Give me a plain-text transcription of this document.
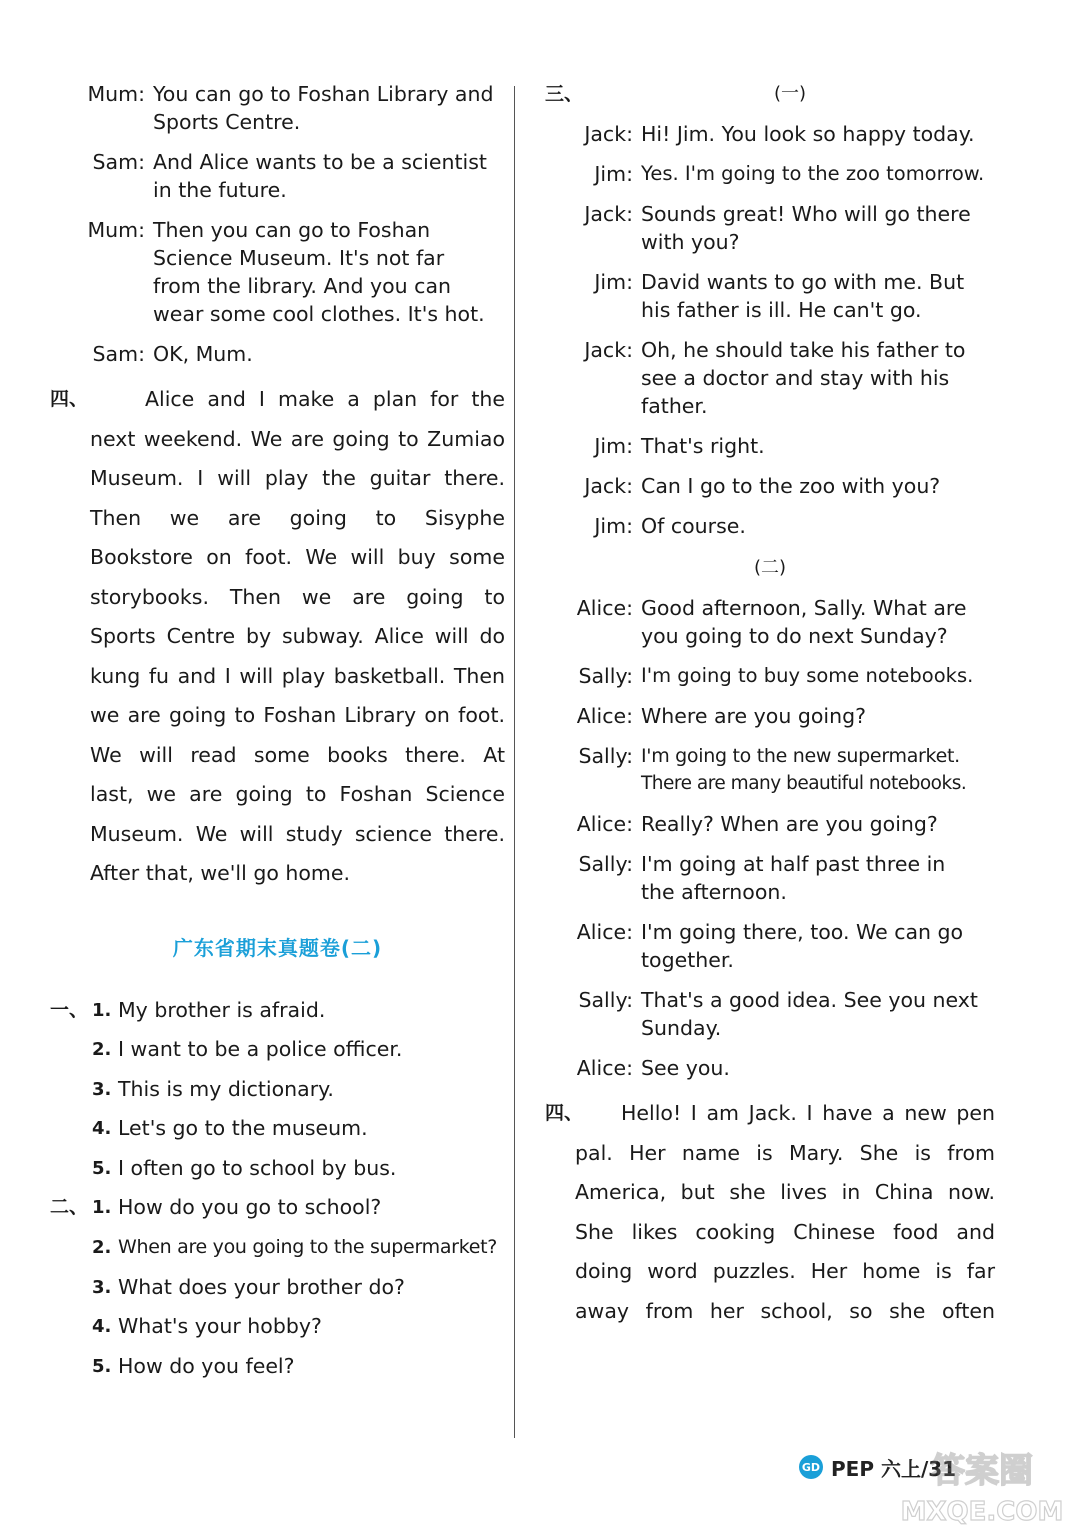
Mum: You can go to Foshan Library and
Sports Centre.
Sam: And Alice wants to be a scientist
in the future.
Mum: Then you can go to Foshan
Science Museum. It's not far
from the library. And you can
wear some cool clothes. It's hot.
Sam: OK, Mum.
四、	Alice and I make a plan for the
next weekend. We are going to Zumiao
Museum. I will play the guitar there.
Then we are going to Sisyphe
Bookstore on foot. We will buy some
storybooks. Then we are going to
Sports Centre by subway. Alice will do
kung fu and I will play basketball. Then
we are going to Foshan Library on foot.
We will read some books there. At
last, we are going to Foshan Science
Museum. We will study science there.
After that, we'll go home.
广东省期末真题卷(二)
一、 1. My brother is afraid.
2. I want to be a police officer.
3. This is my dictionary.
4. Let's go to the museum.
5. I often go to school by bus.
二、 1. How do you go to school?
2. When are you going to the supermarket?
3. What does your brother do?
4. What's your hobby?
5. How do you feel?
三、	(一)
Jack: Hi! Jim. You look so happy today.
Jim: Yes. I'm going to the zoo tomorrow.
Jack: Sounds great! Who will go there
with you?
Jim: David wants to go with me. But
his father is ill. He can't go.
Jack: Oh, he should take his father to
see a doctor and stay with his
father.
Jim: That's right.
Jack: Can I go to the zoo with you?
Jim: Of course.
(二)
Alice: Good afternoon, Sally. What are
you going to do next Sunday?
Sally: I'm going to buy some notebooks.
Alice: Where are you going?
Sally: I'm going to the new supermarket.
There are many beautiful notebooks.
Alice: Really? When are you going?
Sally: I'm going at half past three in
the afternoon.
Alice: I'm going there, too. We can go
together.
Sally: That's a good idea. See you next
Sunday.
Alice: See you.
四、	Hello! I am Jack. I have a new pen
pal. Her name is Mary. She is from
America, but she lives in China now.
She likes cooking Chinese food and
doing word puzzles. Her home is far
away from her school, so she often
GD PEP 六上/31
答案圈
MXQE.COM
